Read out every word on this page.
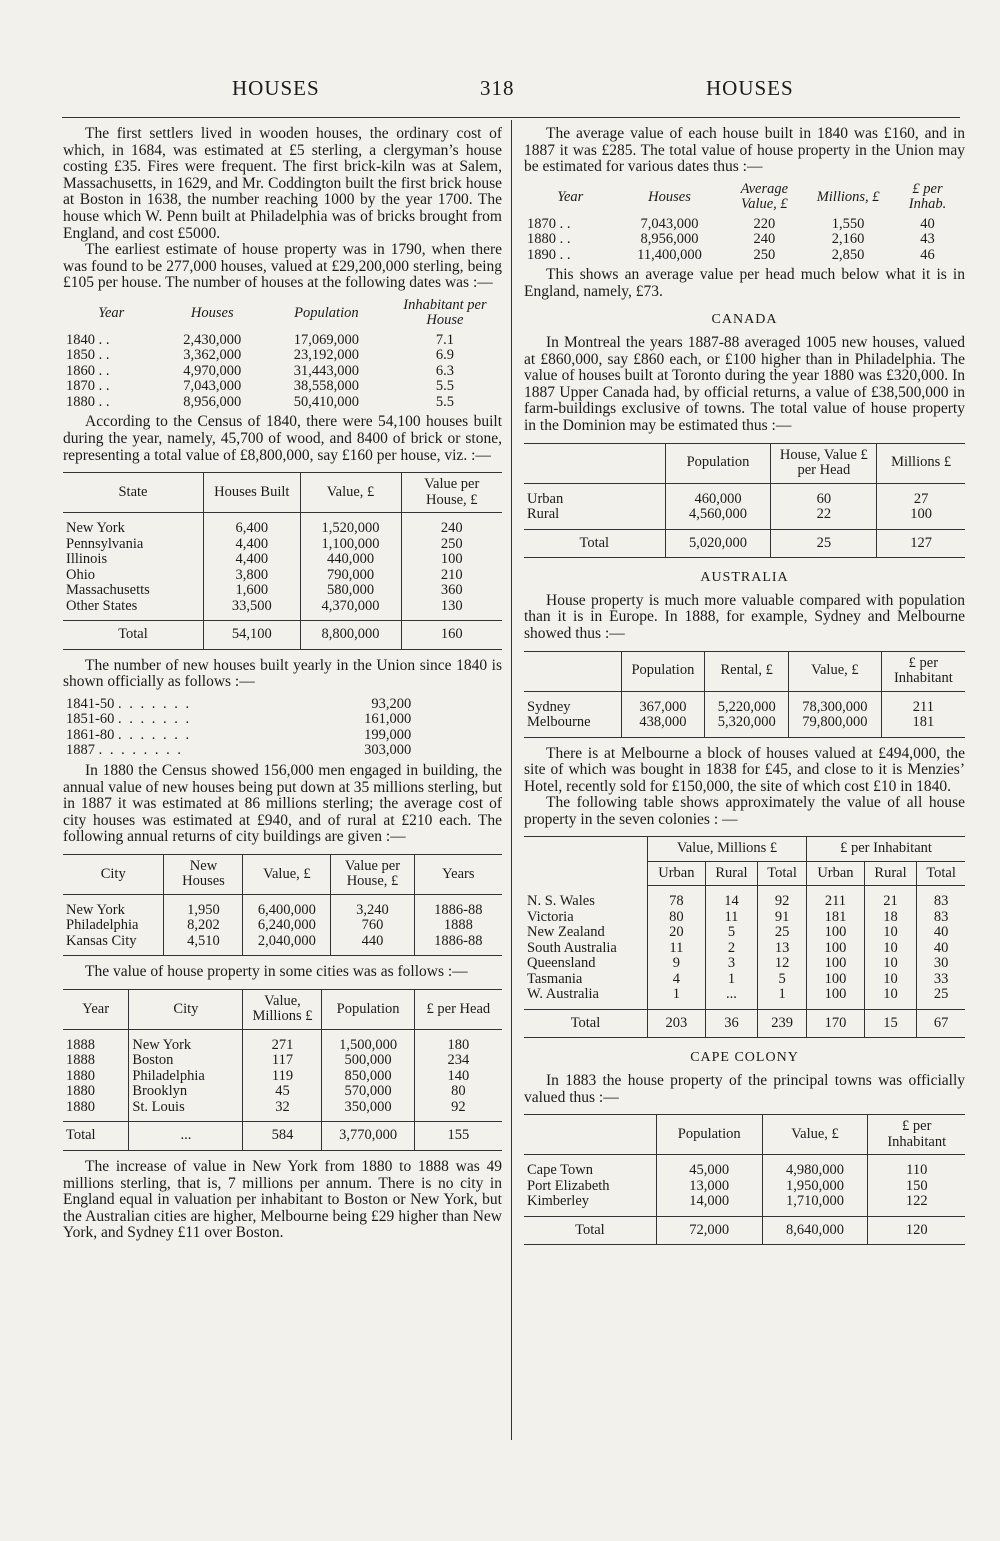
HOUSES	318	HOUSES

The first settlers lived in wooden houses, the ordinary cost of which, in 1684, was estimated at £5 sterling, a clergyman’s house costing £35. Fires were frequent. The first brick-kiln was at Salem, Massachusetts, in 1629, and Mr. Coddington built the first brick house at Boston in 1638, the number reaching 1000 by the year 1700. The house which W. Penn built at Philadelphia was of bricks brought from England, and cost £5000.

The earliest estimate of house property was in 1790, when there was found to be 277,000 houses, valued at £29,200,000 sterling, being £105 per house. The number of houses at the following dates was :—

Year	Houses	Population	Inhabitant per House
1840 . .	2,430,000	17,069,000	7.1
1850 . .	3,362,000	23,192,000	6.9
1860 . .	4,970,000	31,443,000	6.3
1870 . .	7,043,000	38,558,000	5.5
1880 . .	8,956,000	50,410,000	5.5

According to the Census of 1840, there were 54,100 houses built during the year, namely, 45,700 of wood, and 8400 of brick or stone, representing a total value of £8,800,000, say £160 per house, viz. :—

State	Houses Built	Value, £	Value per House, £
New York	6,400	1,520,000	240
Pennsylvania	4,400	1,100,000	250
Illinois	4,400	440,000	100
Ohio	3,800	790,000	210
Massachusetts	1,600	580,000	360
Other States	33,500	4,370,000	130
Total	54,100	8,800,000	160

The number of new houses built yearly in the Union since 1840 is shown officially as follows :—

1841-50 . . . . . . .	93,200
1851-60 . . . . . . .	161,000
1861-80 . . . . . . .	199,000
1887 . . . . . . . .	303,000

In 1880 the Census showed 156,000 men engaged in building, the annual value of new houses being put down at 35 millions sterling, but in 1887 it was estimated at 86 millions sterling; the average cost of city houses was estimated at £940, and of rural at £210 each. The following annual returns of city buildings are given :—

City	New Houses	Value, £	Value per House, £	Years
New York	1,950	6,400,000	3,240	1886-88
Philadelphia	8,202	6,240,000	760	1888
Kansas City	4,510	2,040,000	440	1886-88

The value of house property in some cities was as follows :—

Year	City	Value, Millions £	Population	£ per Head
1888	New York	271	1,500,000	180
1888	Boston	117	500,000	234
1880	Philadelphia	119	850,000	140
1880	Brooklyn	45	570,000	80
1880	St. Louis	32	350,000	92
Total	...	584	3,770,000	155

The increase of value in New York from 1880 to 1888 was 49 millions sterling, that is, 7 millions per annum. There is no city in England equal in valuation per inhabitant to Boston or New York, but the Australian cities are higher, Melbourne being £29 higher than New York, and Sydney £11 over Boston.

The average value of each house built in 1840 was £160, and in 1887 it was £285. The total value of house property in the Union may be estimated for various dates thus :—

Year	Houses	Average Value, £	Millions, £	£ per Inhab.
1870 . .	7,043,000	220	1,550	40
1880 . .	8,956,000	240	2,160	43
1890 . .	11,400,000	250	2,850	46

This shows an average value per head much below what it is in England, namely, £73.

CANADA

In Montreal the years 1887-88 averaged 1005 new houses, valued at £860,000, say £860 each, or £100 higher than in Philadelphia. The value of houses built at Toronto during the year 1880 was £320,000. In 1887 Upper Canada had, by official returns, a value of £38,500,000 in farm-buildings exclusive of towns. The total value of house property in the Dominion may be estimated thus :—

	Population	House, Value £ per Head	Millions £
Urban	460,000	60	27
Rural	4,560,000	22	100
Total	5,020,000	25	127
AUSTRALIA

House property is much more valuable compared with population than it is in Europe. In 1888, for example, Sydney and Melbourne showed thus :—

	Population	Rental, £	Value, £	£ per Inhabitant
Sydney	367,000	5,220,000	78,300,000	211
Melbourne	438,000	5,320,000	79,800,000	181

There is at Melbourne a block of houses valued at £494,000, the site of which was bought in 1838 for £45, and close to it is Menzies’ Hotel, recently sold for £150,000, the site of which cost £10 in 1840.

The following table shows approximately the value of all house property in the seven colonies : —

	Value, Millions £			£ per Inhabitant		
	Urban	Rural	Total	Urban	Rural	Total
N. S. Wales	78	14	92	211	21	83
Victoria	80	11	91	181	18	83
New Zealand	20	5	25	100	10	40
South Australia	11	2	13	100	10	40
Queensland	9	3	12	100	10	30
Tasmania	4	1	5	100	10	33
W. Australia	1	...	1	100	10	25
Total	203	36	239	170	15	67
CAPE COLONY

In 1883 the house property of the principal towns was officially valued thus :—

	Population	Value, £	£ per Inhabitant
Cape Town	45,000	4,980,000	110
Port Elizabeth	13,000	1,950,000	150
Kimberley	14,000	1,710,000	122
Total	72,000	8,640,000	120
